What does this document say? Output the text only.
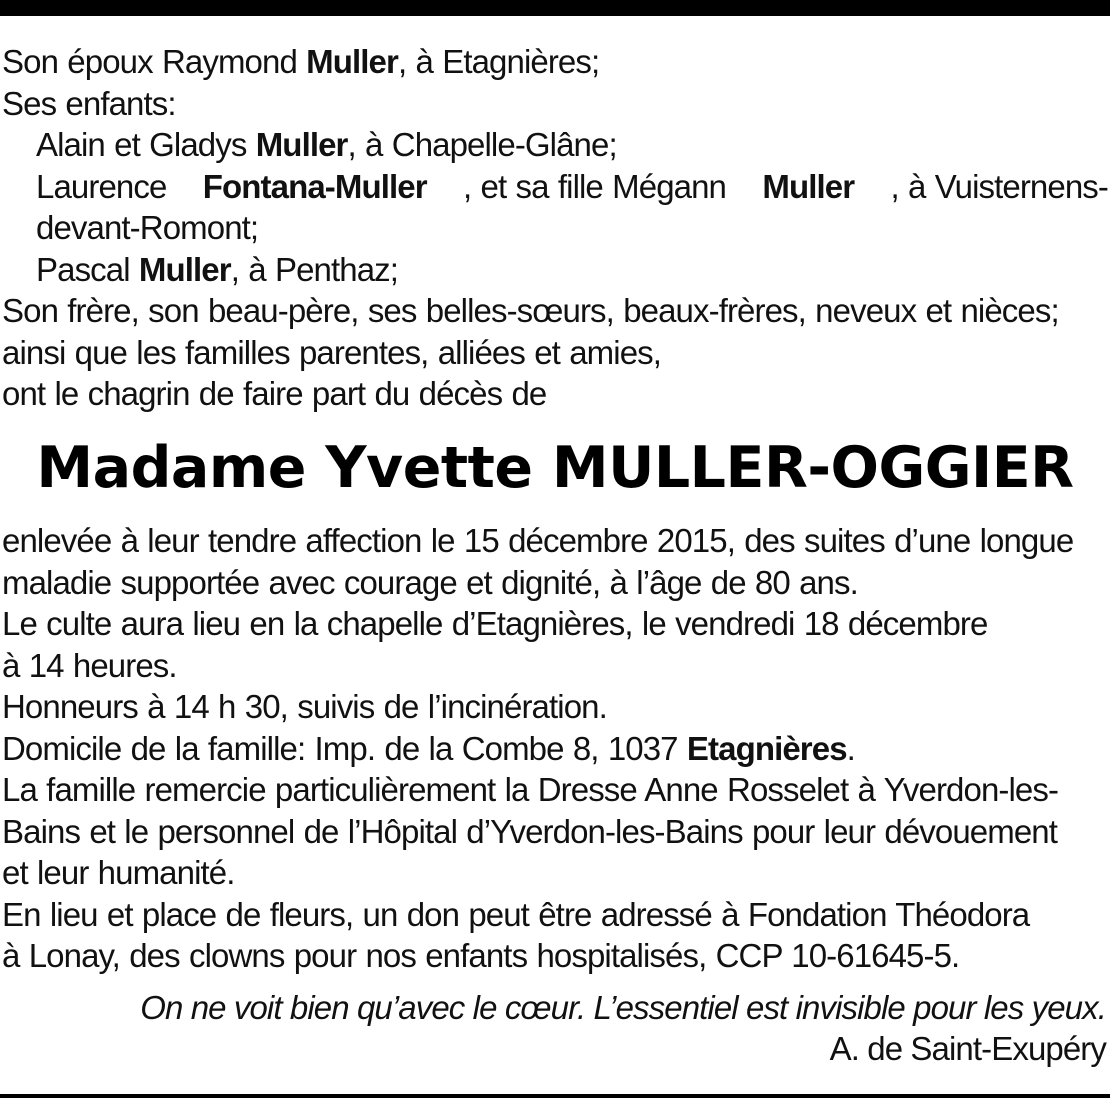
Son époux Raymond Muller, à Etagnières;

Ses enfants:

Alain et Gladys Muller, à Chapelle-Glâne;

Laurence Fontana-Muller , et sa fille Mégann Muller , à Vuisternens-

devant-Romont;

Pascal Muller, à Penthaz;

Son frère, son beau-père, ses belles-sœurs, beaux-frères, neveux et nièces;

ainsi que les familles parentes, alliées et amies,

ont le chagrin de faire part du décès de

Madame Yvette MULLER-OGGIER

enlevée à leur tendre affection le 15 décembre 2015, des suites d’une longue

maladie supportée avec courage et dignité, à l’âge de 80 ans.

Le culte aura lieu en la chapelle d’Etagnières, le vendredi 18 décembre

à 14 heures.

Honneurs à 14 h 30, suivis de l’incinération.

Domicile de la famille: Imp. de la Combe 8, 1037 Etagnières.

La famille remercie particulièrement la Dresse Anne Rosselet à Yverdon-les-

Bains et le personnel de l’Hôpital d’Yverdon-les-Bains pour leur dévouement

et leur humanité.

En lieu et place de fleurs, un don peut être adressé à Fondation Théodora

à Lonay, des clowns pour nos enfants hospitalisés, CCP 10-61645-5.

On ne voit bien qu’avec le cœur. L’essentiel est invisible pour les yeux.

A. de Saint-Exupéry
